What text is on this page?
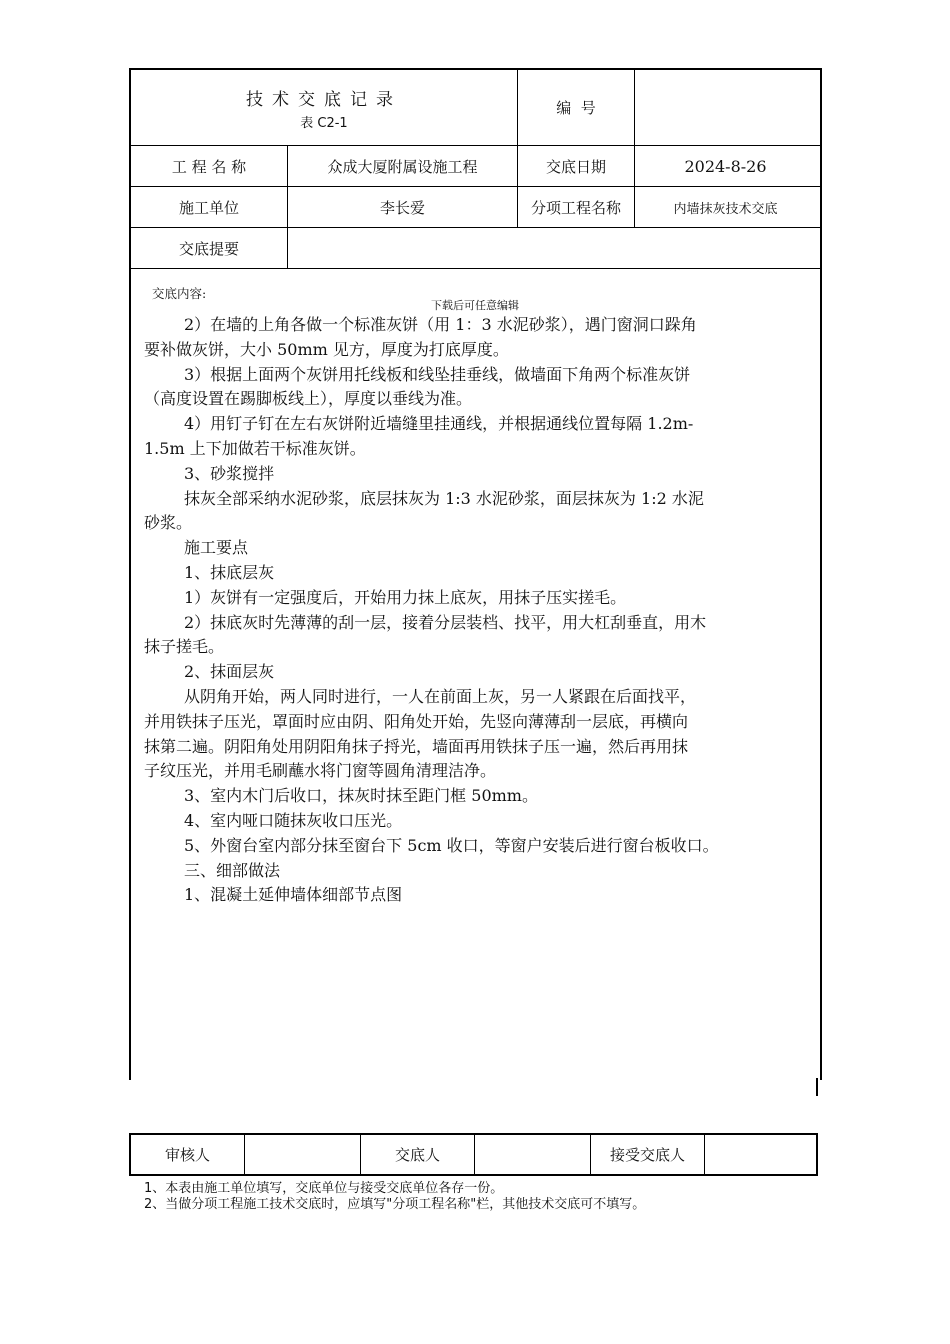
技术交底记录
表 C2-1
编  号
工 程 名 称	众成大厦附属设施工程	交底日期	2024-8-26
施工单位	李长爱	分项工程名称	内墙抹灰技术交底
交底提要
交底内容:
下载后可任意编辑

2）在墙的上角各做一个标准灰饼（用 1：3 水泥砂浆），遇门窗洞口跺角

要补做灰饼，大小 50mm 见方，厚度为打底厚度。

3）根据上面两个灰饼用托线板和线坠挂垂线，做墙面下角两个标准灰饼

（高度设置在踢脚板线上），厚度以垂线为准。

4）用钉子钉在左右灰饼附近墙缝里挂通线，并根据通线位置每隔 1.2m-

1.5m 上下加做若干标准灰饼。

3、砂浆搅拌

抹灰全部采纳水泥砂浆，底层抹灰为 1:3 水泥砂浆，面层抹灰为 1:2 水泥

砂浆。

施工要点

1、抹底层灰

1）灰饼有一定强度后，开始用力抹上底灰，用抹子压实搓毛。

2）抹底灰时先薄薄的刮一层，接着分层装档、找平，用大杠刮垂直，用木

抹子搓毛。

2、抹面层灰

从阴角开始，两人同时进行，一人在前面上灰，另一人紧跟在后面找平，

并用铁抹子压光，罩面时应由阴、阳角处开始，先竖向薄薄刮一层底，再横向

抹第二遍。阴阳角处用阴阳角抹子捋光，墙面再用铁抹子压一遍，然后再用抹

子纹压光，并用毛刷蘸水将门窗等圆角清理洁净。

3、室内木门后收口，抹灰时抹至距门框 50mm。

4、室内哑口随抹灰收口压光。

5、外窗台室内部分抹至窗台下 5cm 收口，等窗户安装后进行窗台板收口。

三、细部做法

1、混凝土延伸墙体细部节点图

审核人	交底人	接受交底人
1、本表由施工单位填写，交底单位与接受交底单位各存一份。
2、当做分项工程施工技术交底时，应填写"分项工程名称"栏，其他技术交底可不填写。
